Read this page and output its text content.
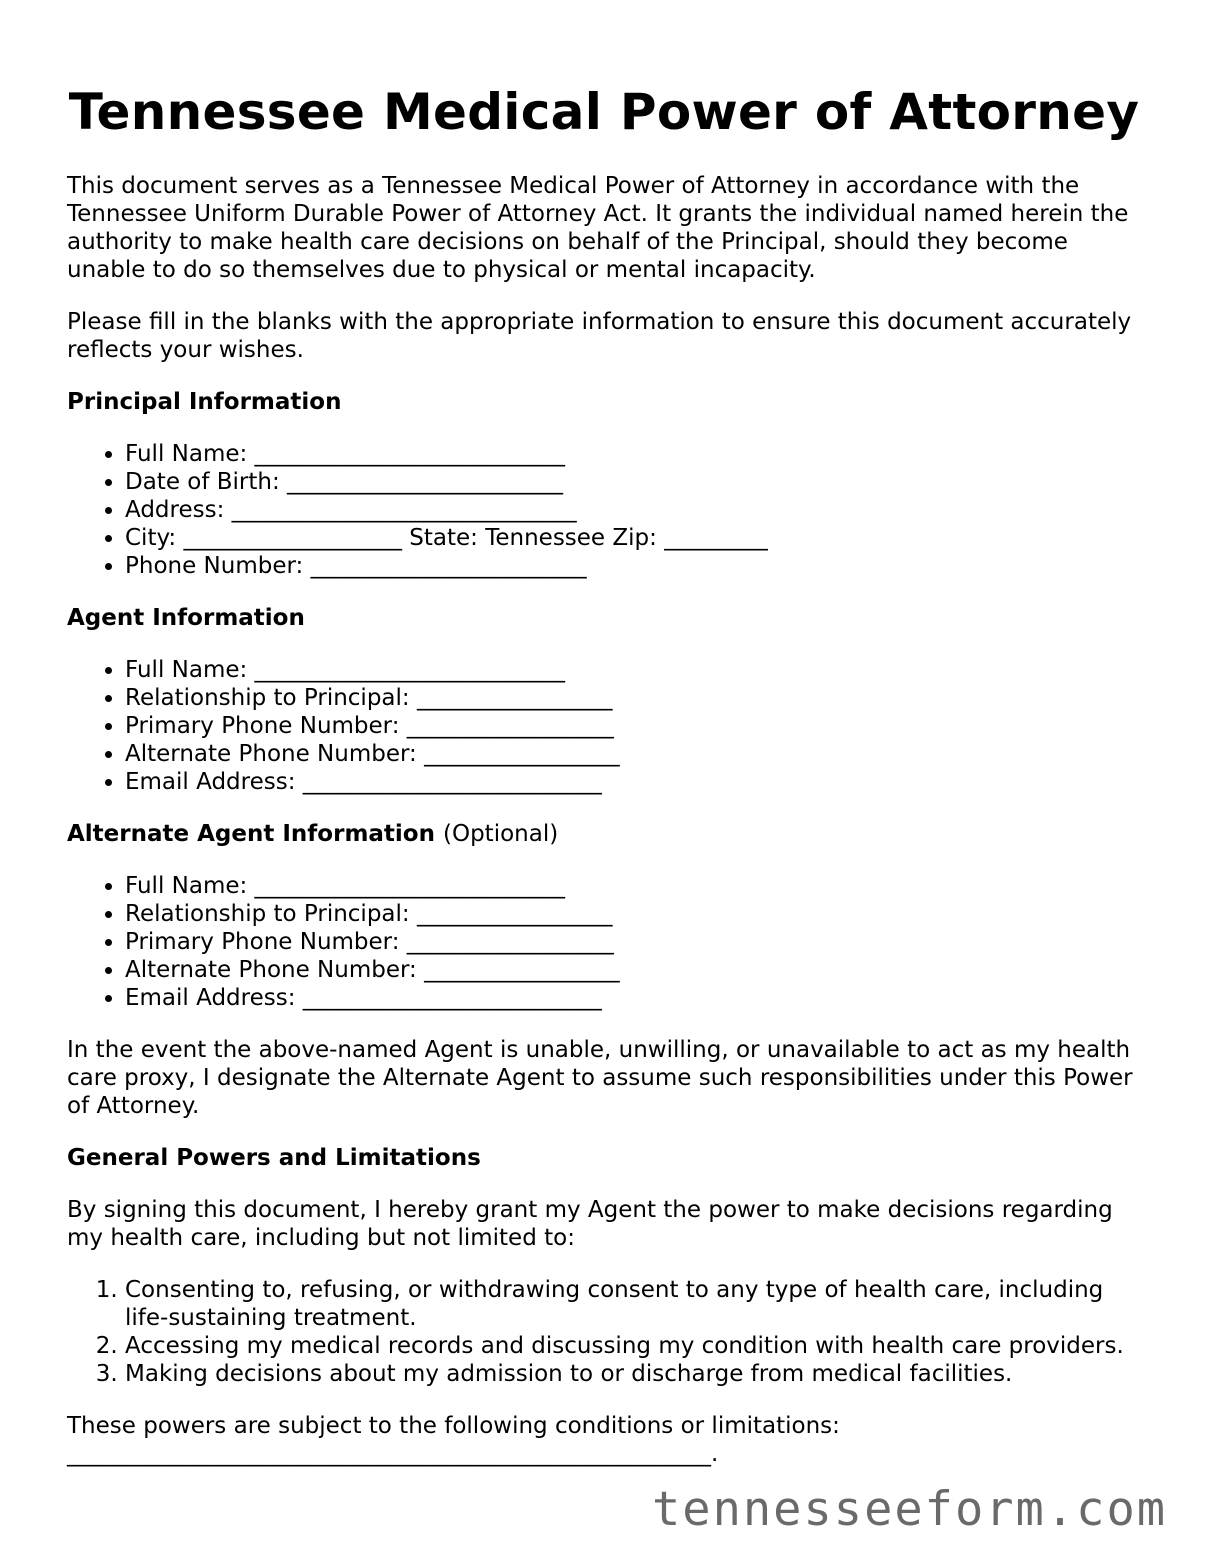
Tennessee Medical Power of Attorney

This document serves as a Tennessee Medical Power of Attorney in accordance with the Tennessee Uniform Durable Power of Attorney Act. It grants the individual named herein the authority to make health care decisions on behalf of the Principal, should they become unable to do so themselves due to physical or mental incapacity.

Please fill in the blanks with the appropriate information to ensure this document accurately reflects your wishes.

Principal Information
• Full Name: ___________________________
• Date of Birth: ________________________
• Address: ______________________________
• City: ___________________ State: Tennessee Zip: _________
• Phone Number: ________________________
Agent Information
• Full Name: ___________________________
• Relationship to Principal: _________________
• Primary Phone Number: __________________
• Alternate Phone Number: _________________
• Email Address: __________________________
Alternate Agent Information (Optional)
• Full Name: ___________________________
• Relationship to Principal: _________________
• Primary Phone Number: __________________
• Alternate Phone Number: _________________
• Email Address: __________________________

In the event the above-named Agent is unable, unwilling, or unavailable to act as my health care proxy, I designate the Alternate Agent to assume such responsibilities under this Power of Attorney.

General Powers and Limitations

By signing this document, I hereby grant my Agent the power to make decisions regarding my health care, including but not limited to:

1. Consenting to, refusing, or withdrawing consent to any type of health care, including life-sustaining treatment.
2. Accessing my medical records and discussing my condition with health care providers.
3. Making decisions about my admission to or discharge from medical facilities.

These powers are subject to the following conditions or limitations: ________________________________________________________.

tennesseeform.com
